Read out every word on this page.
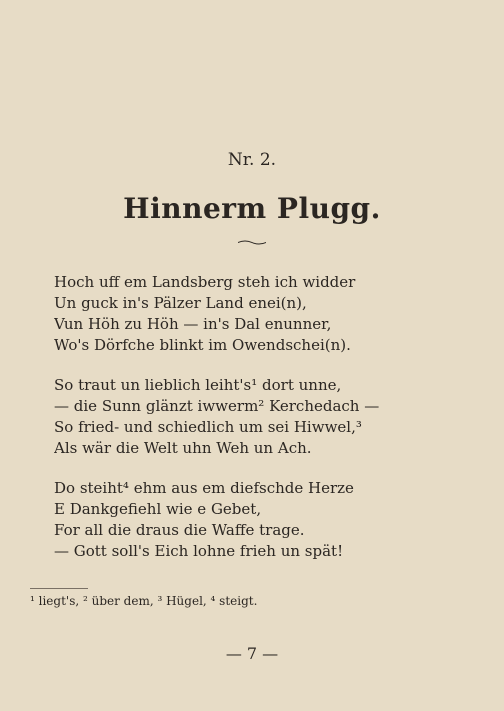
Nr. 2.
Hinnerm Plugg.
Hoch uff em Landsberg steh ich widder
Un guck in's Pälzer Land enei(n),
Vun Höh zu Höh — in's Dal enunner,
Wo's Dörfche blinkt im Owendschei(n).
So traut un lieblich leiht's¹ dort unne,
— die Sunn glänzt iwwerm² Kerchedach —
So fried- und schiedlich um sei Hiwwel,³
Als wär die Welt uhn Weh un Ach.
Do steiht⁴ ehm aus em diefschde Herze
E Dankgefiehl wie e Gebet,
For all die draus die Waffe trage.
— Gott soll's Eich lohne frieh un spät!
¹ liegt's, ² über dem, ³ Hügel, ⁴ steigt.
— 7 —
